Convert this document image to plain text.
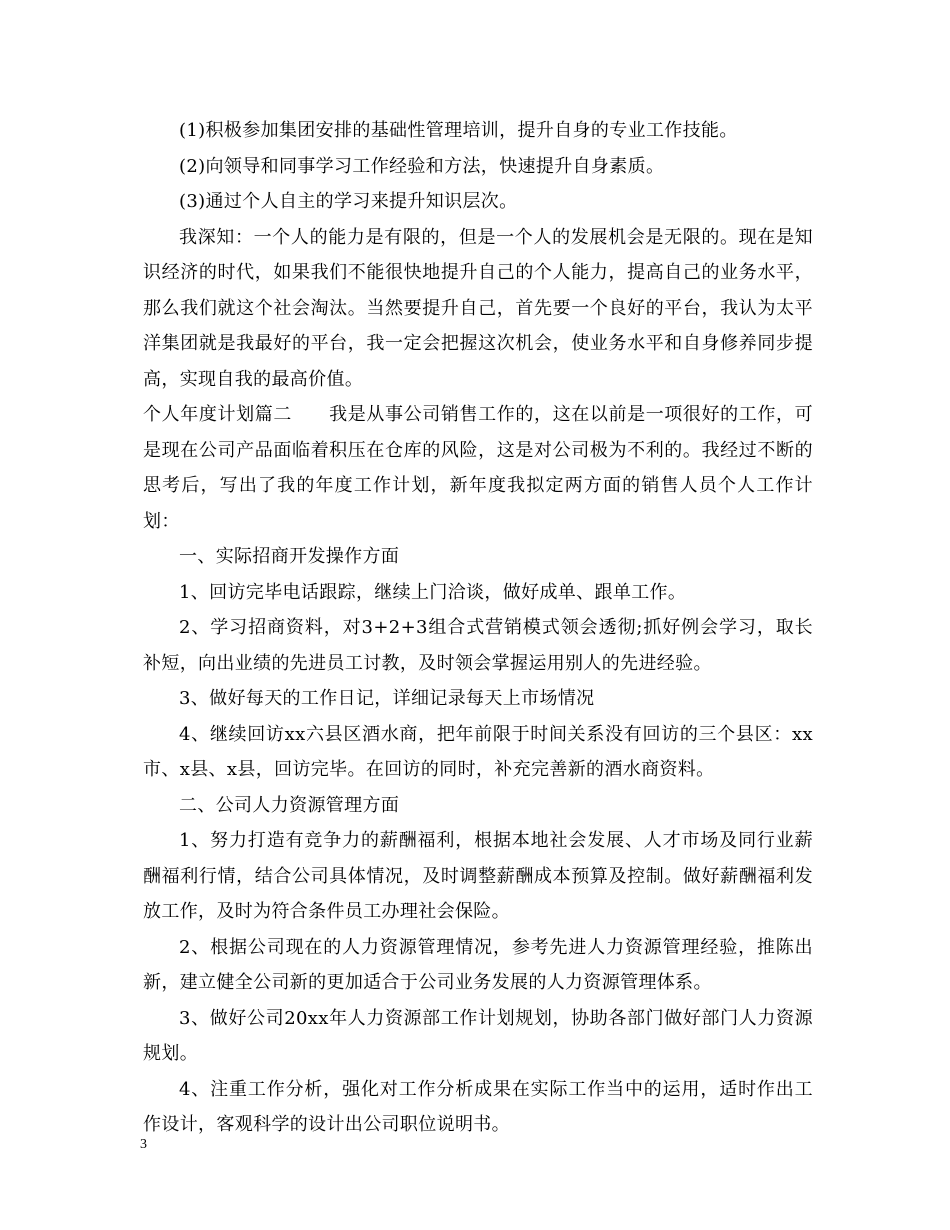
(1)积极参加集团安排的基础性管理培训，提升自身的专业工作技能。

(2)向领导和同事学习工作经验和方法，快速提升自身素质。

(3)通过个人自主的学习来提升知识层次。

我深知：一个人的能力是有限的，但是一个人的发展机会是无限的。现在是知识经济的时代，如果我们不能很快地提升自己的个人能力，提高自己的业务水平，那么我们就这个社会淘汰。当然要提升自己，首先要一个良好的平台，我认为太平洋集团就是我最好的平台，我一定会把握这次机会，使业务水平和自身修养同步提高，实现自我的最高价值。

个人年度计划篇二　　我是从事公司销售工作的，这在以前是一项很好的工作，可是现在公司产品面临着积压在仓库的风险，这是对公司极为不利的。我经过不断的思考后，写出了我的年度工作计划，新年度我拟定两方面的销售人员个人工作计划：

一、实际招商开发操作方面

1、回访完毕电话跟踪，继续上门洽谈，做好成单、跟单工作。

2、学习招商资料，对3+2+3组合式营销模式领会透彻;抓好例会学习，取长补短，向出业绩的先进员工讨教，及时领会掌握运用别人的先进经验。

3、做好每天的工作日记，详细记录每天上市场情况

4、继续回访xx六县区酒水商，把年前限于时间关系没有回访的三个县区：xx市、x县、x县，回访完毕。在回访的同时，补充完善新的酒水商资料。

二、公司人力资源管理方面

1、努力打造有竞争力的薪酬福利，根据本地社会发展、人才市场及同行业薪酬福利行情，结合公司具体情况，及时调整薪酬成本预算及控制。做好薪酬福利发放工作，及时为符合条件员工办理社会保险。

2、根据公司现在的人力资源管理情况，参考先进人力资源管理经验，推陈出新，建立健全公司新的更加适合于公司业务发展的人力资源管理体系。

3、做好公司20xx年人力资源部工作计划规划，协助各部门做好部门人力资源规划。

4、注重工作分析，强化对工作分析成果在实际工作当中的运用，适时作出工作设计，客观科学的设计出公司职位说明书。

3
